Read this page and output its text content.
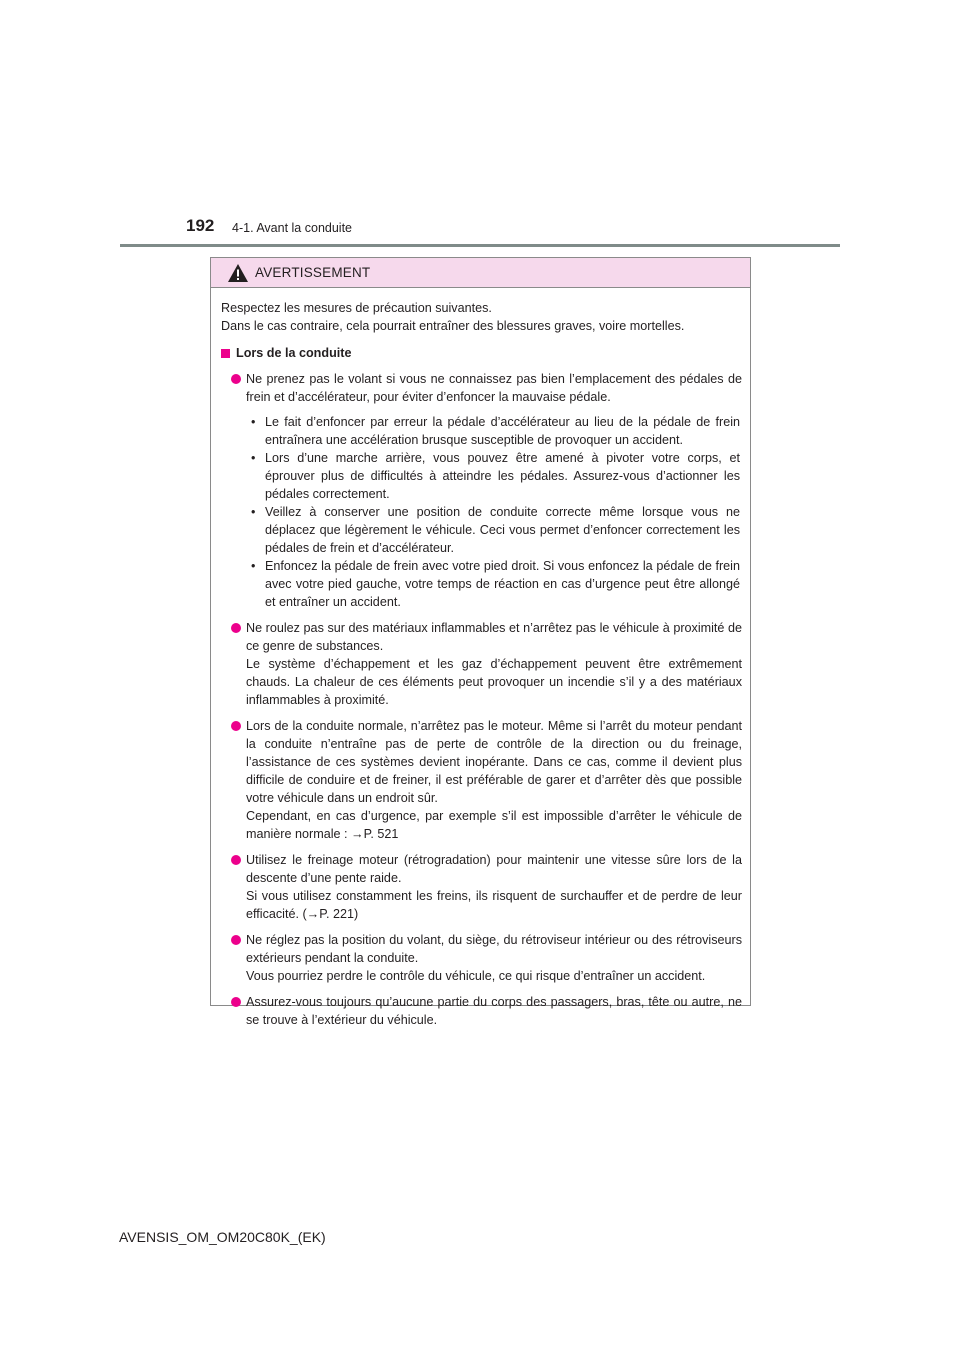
192 4-1. Avant la conduite
AVERTISSEMENT

Respectez les mesures de précaution suivantes.

Dans le cas contraire, cela pourrait entraîner des blessures graves, voire mortelles.

Lors de la conduite

Ne prenez pas le volant si vous ne connaissez pas bien l’emplacement des pédales de frein et d’accélérateur, pour éviter d’enfoncer la mauvaise pédale.

• Le fait d’enfoncer par erreur la pédale d’accélérateur au lieu de la pédale de frein entraînera une accélération brusque susceptible de provoquer un accident.
• Lors d’une marche arrière, vous pouvez être amené à pivoter votre corps, et éprouver plus de difficultés à atteindre les pédales. Assurez-vous d’actionner les pédales correctement.
• Veillez à conserver une position de conduite correcte même lorsque vous ne déplacez que légèrement le véhicule. Ceci vous permet d’enfoncer correctement les pédales de frein et d’accélérateur.
• Enfoncez la pédale de frein avec votre pied droit. Si vous enfoncez la pédale de frein avec votre pied gauche, votre temps de réaction en cas d’urgence peut être allongé et entraîner un accident.

Ne roulez pas sur des matériaux inflammables et n’arrêtez pas le véhicule à proximité de ce genre de substances.

Le système d’échappement et les gaz d’échappement peuvent être extrêmement chauds. La chaleur de ces éléments peut provoquer un incendie s’il y a des matériaux inflammables à proximité.

Lors de la conduite normale, n’arrêtez pas le moteur. Même si l’arrêt du moteur pendant la conduite n’entraîne pas de perte de contrôle de la direction ou du freinage, l’assistance de ces systèmes devient inopérante. Dans ce cas, comme il devient plus difficile de conduire et de freiner, il est préférable de garer et d’arrêter dès que possible votre véhicule dans un endroit sûr.

Cependant, en cas d’urgence, par exemple s’il est impossible d’arrêter le véhicule de manière normale : →P. 521

Utilisez le freinage moteur (rétrogradation) pour maintenir une vitesse sûre lors de la descente d’une pente raide.

Si vous utilisez constamment les freins, ils risquent de surchauffer et de perdre de leur efficacité. (→P. 221)

Ne réglez pas la position du volant, du siège, du rétroviseur intérieur ou des rétroviseurs extérieurs pendant la conduite.

Vous pourriez perdre le contrôle du véhicule, ce qui risque d’entraîner un accident.

Assurez-vous toujours qu’aucune partie du corps des passagers, bras, tête ou autre, ne se trouve à l’extérieur du véhicule.

AVENSIS_OM_OM20C80K_(EK)
